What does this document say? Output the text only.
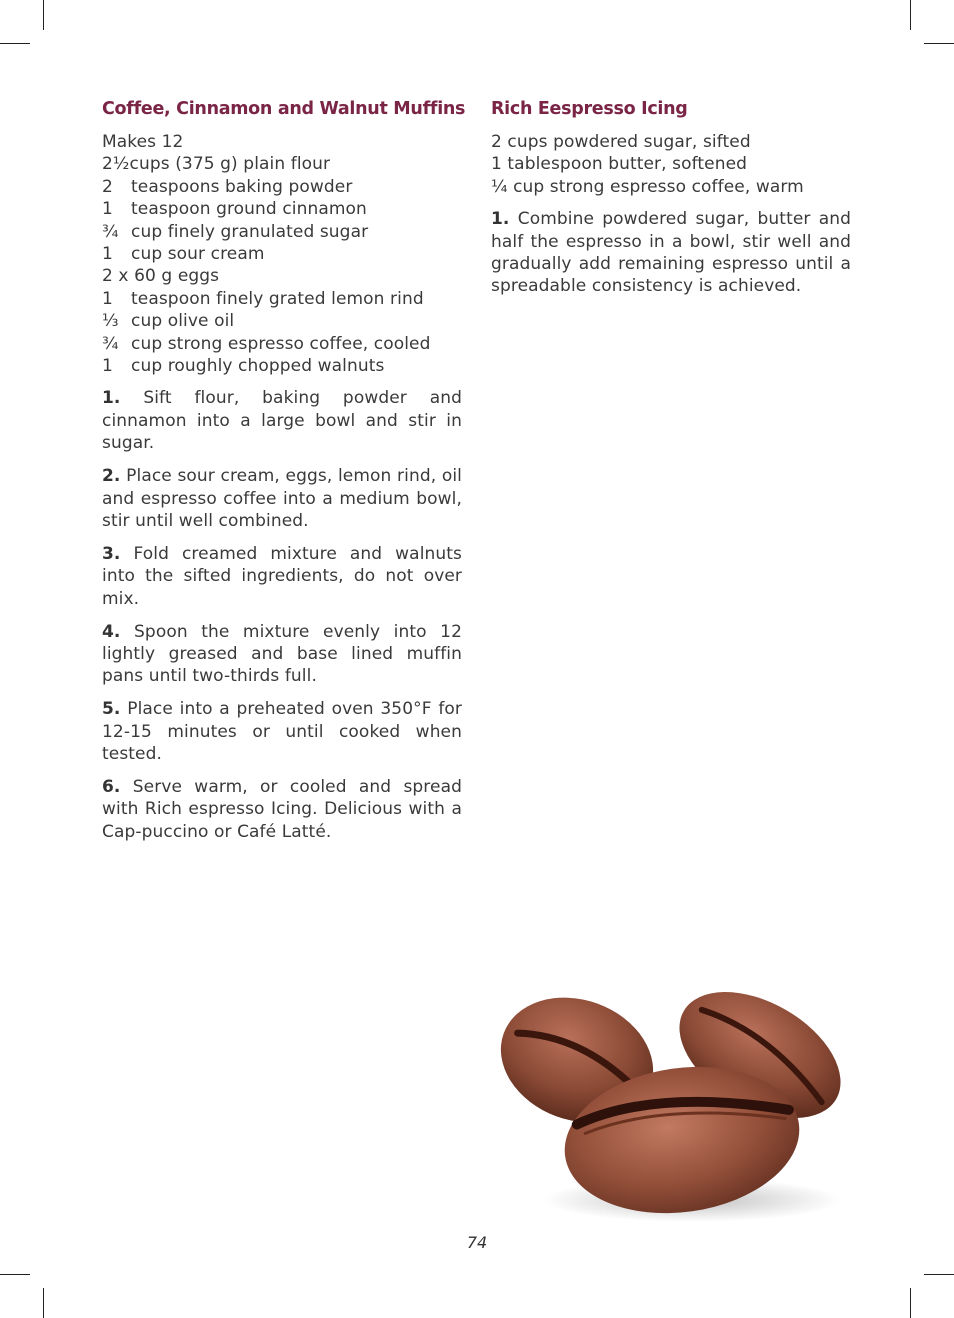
Coffee, Cinnamon and Walnut Muffins
Makes 12
2½cups (375 g) plain flour
2 teaspoons baking powder
1 teaspoon ground cinnamon
¾ cup finely granulated sugar
1 cup sour cream
2 x 60 g eggs
1 teaspoon finely grated lemon rind
⅓ cup olive oil
¾ cup strong espresso coffee, cooled
1 cup roughly chopped walnuts
1. Sift flour, baking powder and cinnamon into a large bowl and stir in sugar.
2. Place sour cream, eggs, lemon rind, oil and espresso coffee into a medium bowl, stir until well combined.
3. Fold creamed mixture and walnuts into the sifted ingredients, do not over mix.
4. Spoon the mixture evenly into 12 lightly greased and base lined muffin pans until two-thirds full.
5. Place into a preheated oven 350°F for 12-15 minutes or until cooked when tested.
6. Serve warm, or cooled and spread with Rich espresso Icing. Delicious with a Cap-puccino or Café Latté.
Rich Eespresso Icing
2 cups powdered sugar, sifted
1 tablespoon butter, softened
¼ cup strong espresso coffee, warm
1. Combine powdered sugar, butter and half the espresso in a bowl, stir well and gradually add remaining espresso until a spreadable consistency is achieved.
74
